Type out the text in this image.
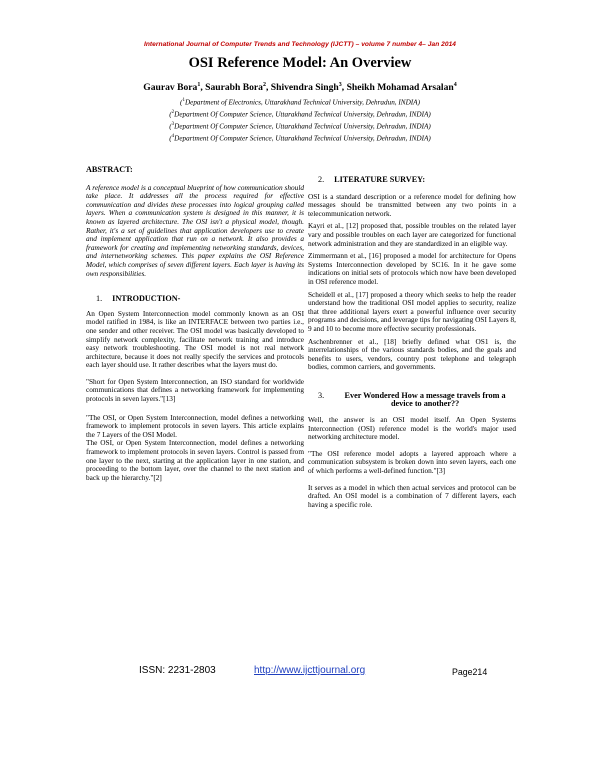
International Journal of Computer Trends and Technology (IJCTT) – volume 7 number 4– Jan 2014
OSI Reference Model: An Overview
Gaurav Bora$^1$, Saurabh Bora$^2$, Shivendra Singh$^3$, Sheikh Mohamad Arsalan$^4$
($^1$Department of Electronics, Uttarakhand Technical University, Dehradun, INDIA)
($^2$Department Of Computer Science, Uttarakhand Technical University, Dehradun, INDIA)
($^3$Department Of Computer Science, Uttarakhand Technical University, Dehradun, INDIA)
($^4$Department Of Computer Science, Uttarakhand Technical University, Dehradun, INDIA)
ABSTRACT:

A reference model is a conceptual blueprint of how communication should take place. It addresses all the process required for effective communication and divides these processes into logical grouping called layers. When a communication system is designed in this manner, it is known as layered architecture. The OSI isn't a physical model, though. Rather, it's a set of guidelines that application developers use to create and implement application that run on a network. It also provides a framework for creating and implementing networking standards, devices, and internetworking schemes. This paper explains the OSI Reference Model, which comprises of seven different layers. Each layer is having its own responsibilities.

1. INTRODUCTION-

An Open System Interconnection model commonly known as an OSI model ratified in 1984, is like an INTERFACE between two parties i.e., one sender and other receiver. The OSI model was basically developed to simplify network complexity, facilitate network training and introduce easy network troubleshooting. The OSI model is not real network architecture, because it does not really specify the services and protocols each layer should use. It rather describes what the layers must do.

"Short for Open System Interconnection, an ISO standard for worldwide communications that defines a networking framework for implementing protocols in seven layers."[13]

"The OSI, or Open System Interconnection, model defines a networking framework to implement protocols in seven layers. This article explains the 7 Layers of the OSI Model.

The OSI, or Open System Interconnection, model defines a networking framework to implement protocols in seven layers. Control is passed from one layer to the next, starting at the application layer in one station, and proceeding to the bottom layer, over the channel to the next station and back up the hierarchy."[2]

2. LITERATURE SURVEY:

OSI is a standard description or a reference model for defining how messages should be transmitted between any two points in a telecommunication network.

Kayri et al., [12] proposed that, possible troubles on the related layer vary and possible troubles on each layer are categorized for functional network administration and they are standardized in an eligible way.

Zimmermann et al., [16] proposed a model for architecture for Opens Systems Interconnection developed by SC16. In it he gave some indications on initial sets of protocols which now have been developed in OSI reference model.

Scheidell et al., [17] proposed a theory which seeks to help the reader understand how the traditional OSI model applies to security, realize that three additional layers exert a powerful influence over security programs and decisions, and leverage tips for navigating OSI Layers 8, 9 and 10 to become more effective security professionals.

Aschenbrenner et al., [18] briefly defined what OS1 is, the interrelationships of the various standards bodies, and the goals and benefits to users, vendors, country post telephone and telegraph bodies, common carriers, and governments.

3.	Ever Wondered How a message travels from a device to another??

Well, the answer is an OSI model itself. An Open Systems Interconnection (OSI) reference model is the world's major used networking architecture model.

"The OSI reference model adopts a layered approach where a communication subsystem is broken down into seven layers, each one of which performs a well-defined function."[3]

It serves as a model in which then actual services and protocol can be drafted. An OSI model is a combination of 7 different layers, each having a specific role.

ISSN: 2231-2803	http://www.ijcttjournal.org	Page214
